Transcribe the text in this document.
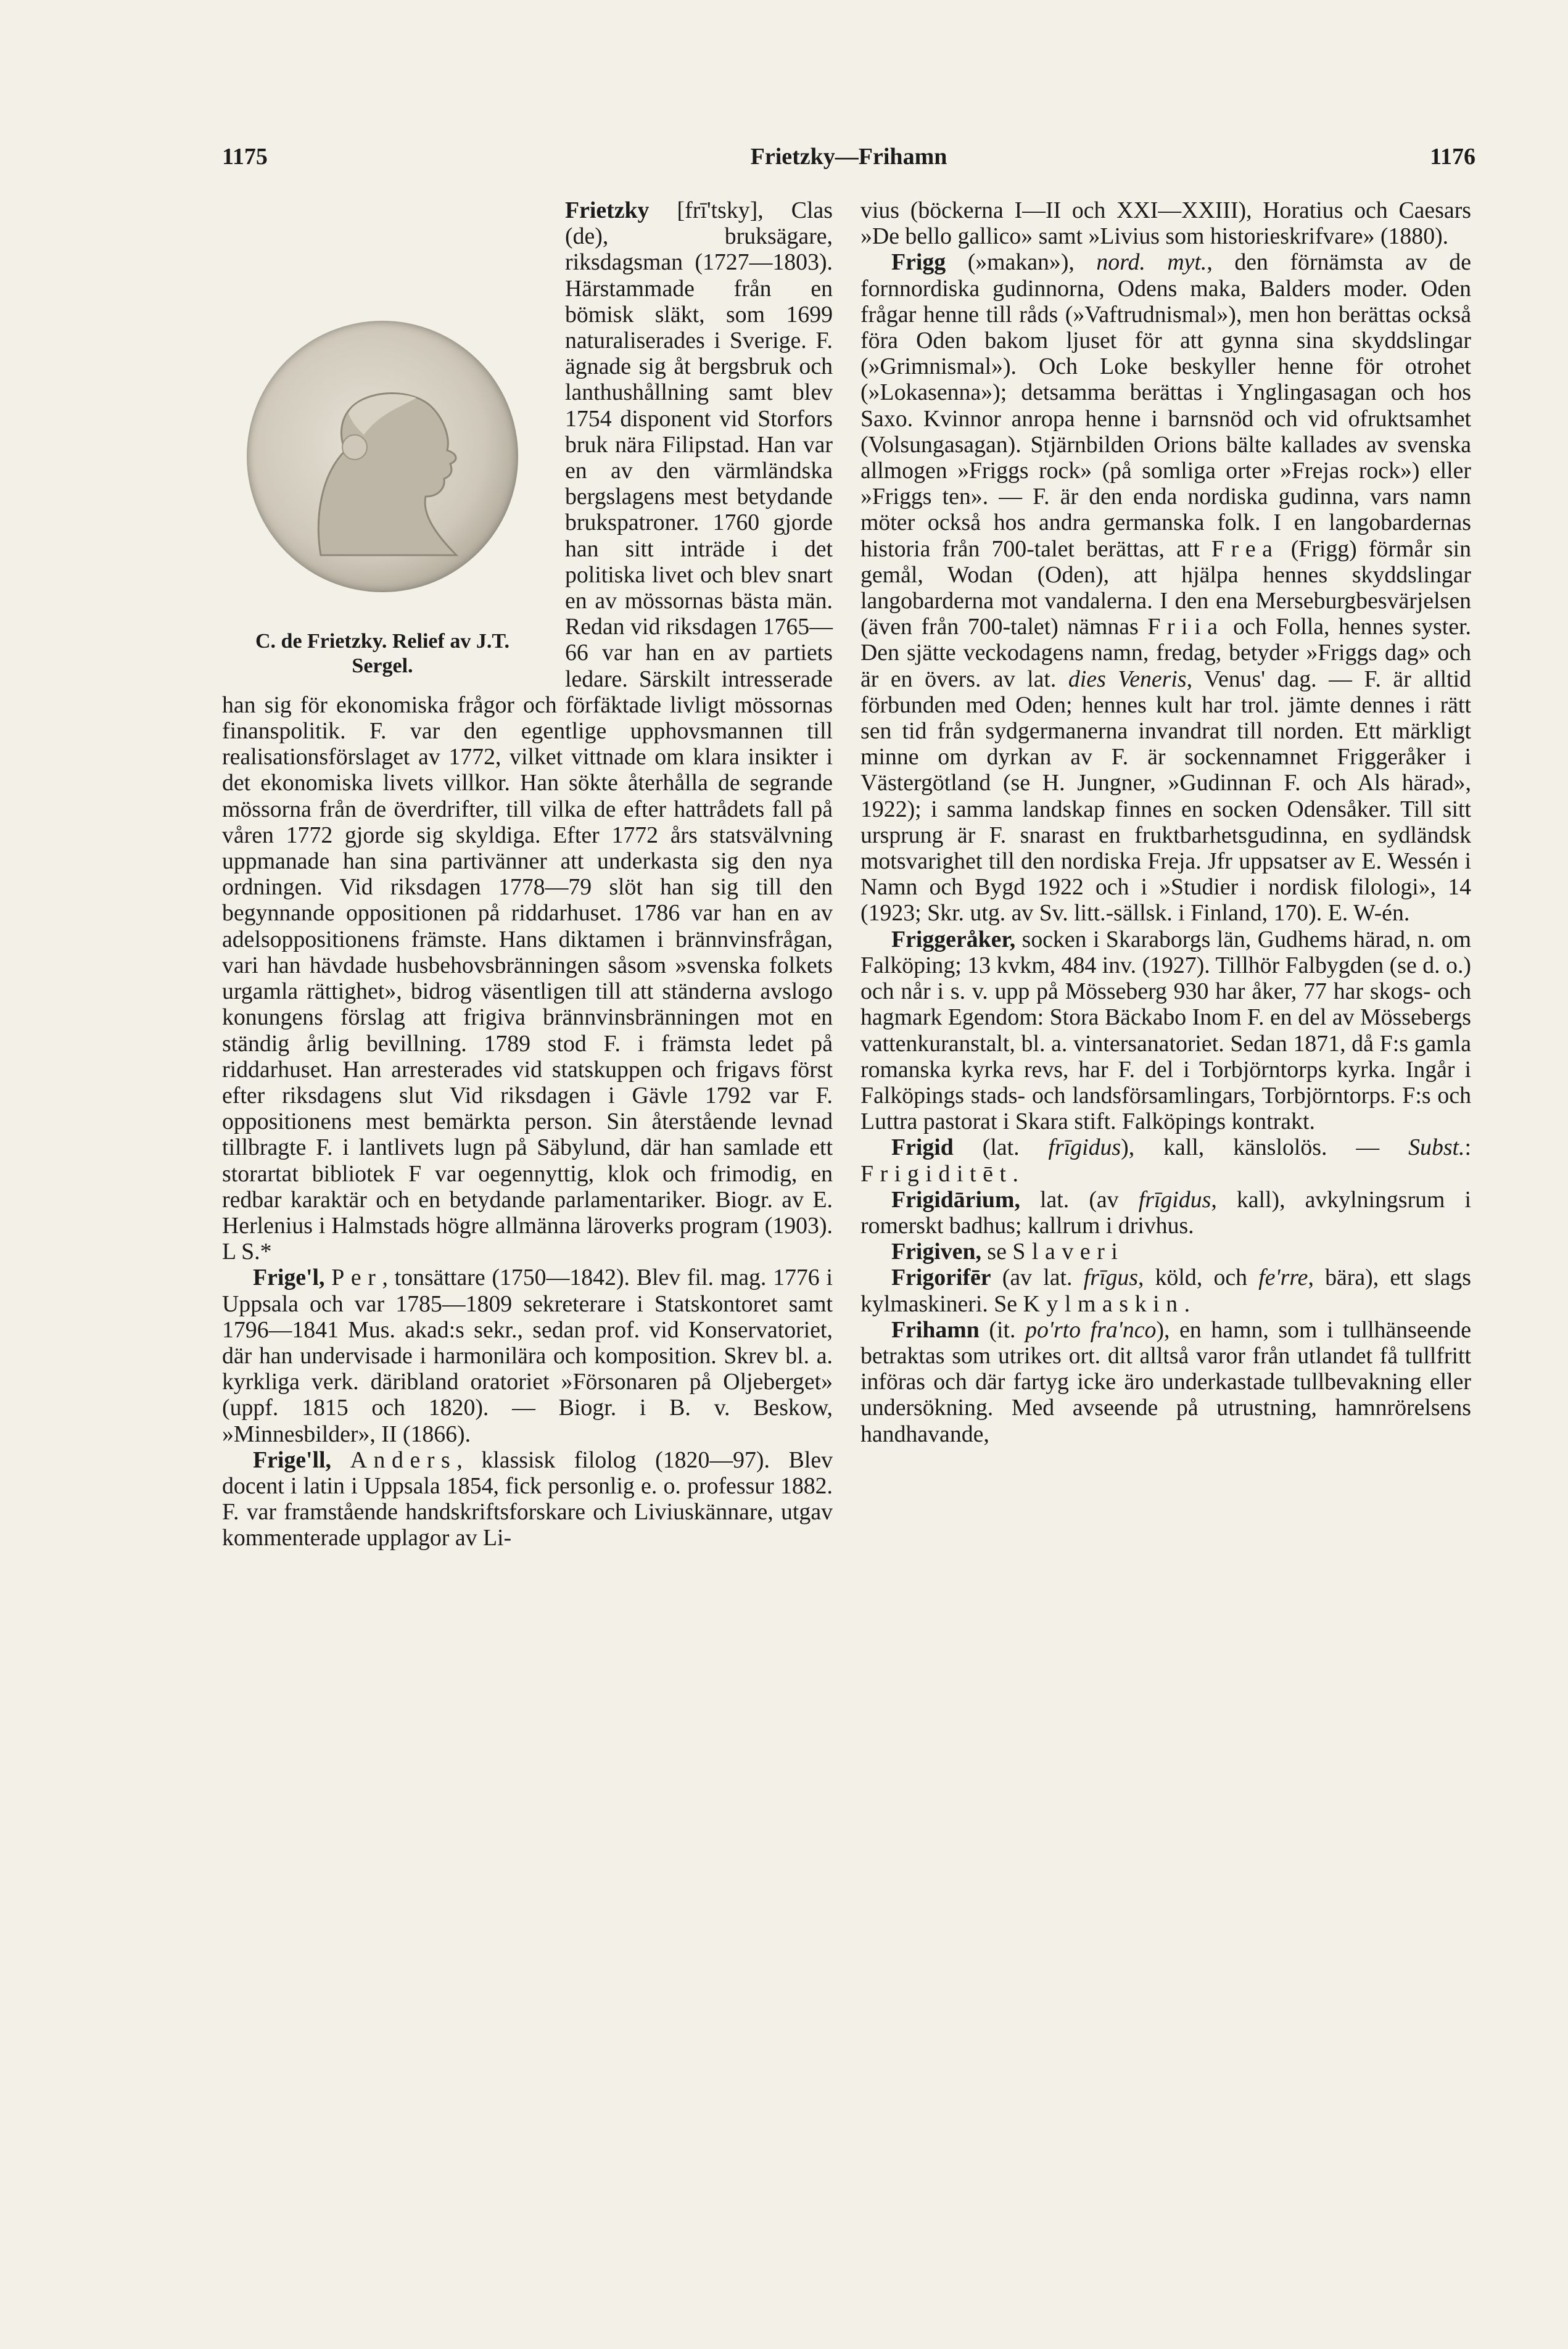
1175	Frietzky—Frihamn	1176
C. de Frietzky. Relief av J.T.
Sergel.

Frietzky [frī'tsky], Clas (de), bruksägare, riksdagsman (1727—1803). Härstammade från en bömisk släkt, som 1699 naturaliserades i Sverige. F. ägnade sig åt bergsbruk och lanthushållning samt blev 1754 disponent vid Storfors bruk nära Filipstad. Han var en av den värmländska bergslagens mest betydande brukspatroner. 1760 gjorde han sitt inträde i det politiska livet och blev snart en av mössornas bästa män. Redan vid riksdagen 1765—66 var han en av partiets ledare. Särskilt intresserade han sig för ekonomiska frågor och förfäktade livligt mössornas finanspolitik. F. var den egentlige upphovsmannen till realisationsförslaget av 1772, vilket vittnade om klara insikter i det ekonomiska livets villkor. Han sökte återhålla de segrande mössorna från de överdrifter, till vilka de efter hattrådets fall på våren 1772 gjorde sig skyldiga. Efter 1772 års statsvälvning uppmanade han sina partivänner att underkasta sig den nya ordningen. Vid riksdagen 1778—79 slöt han sig till den begynnande oppositionen på riddarhuset. 1786 var han en av adelsoppositionens främste. Hans diktamen i brännvinsfrågan, vari han hävdade husbehovsbränningen såsom »svenska folkets urgamla rättighet», bidrog väsentligen till att ständerna avslogo konungens förslag att frigiva brännvinsbränningen mot en ständig årlig bevillning. 1789 stod F. i främsta ledet på riddarhuset. Han arresterades vid statskuppen och frigavs först efter riksdagens slut Vid riksdagen i Gävle 1792 var F. oppositionens mest bemärkta person. Sin återstående levnad tillbragte F. i lantlivets lugn på Säbylund, där han samlade ett storartat bibliotek F var oegennyttig, klok och frimodig, en redbar karaktär och en betydande parlamentariker. Biogr. av E. Herlenius i Halmstads högre allmänna läroverks program (1903). L S.*

Frige'l, Per, tonsättare (1750—1842). Blev fil. mag. 1776 i Uppsala och var 1785—1809 sekreterare i Statskontoret samt 1796—1841 Mus. akad:s sekr., sedan prof. vid Konservatoriet, där han undervisade i harmonilära och komposition. Skrev bl. a. kyrkliga verk. däribland oratoriet »Försonaren på Oljeberget» (uppf. 1815 och 1820). — Biogr. i B. v. Beskow, »Minnesbilder», II (1866).

Frige'll, Anders, klassisk filolog (1820—97). Blev docent i latin i Uppsala 1854, fick personlig e. o. professur 1882. F. var framstående handskriftsforskare och Liviuskännare, utgav kommenterade upplagor av Li-

vius (böckerna I—II och XXI—XXIII), Horatius och Caesars »De bello gallico» samt »Livius som historieskrifvare» (1880).

Frigg (»makan»), nord. myt., den förnämsta av de fornnordiska gudinnorna, Odens maka, Balders moder. Oden frågar henne till råds (»Vaftrudnismal»), men hon berättas också föra Oden bakom ljuset för att gynna sina skyddslingar (»Grimnismal»). Och Loke beskyller henne för otrohet (»Lokasenna»); detsamma berättas i Ynglingasagan och hos Saxo. Kvinnor anropa henne i barnsnöd och vid ofruktsamhet (Volsungasagan). Stjärnbilden Orions bälte kallades av svenska allmogen »Friggs rock» (på somliga orter »Frejas rock») eller »Friggs ten». — F. är den enda nordiska gudinna, vars namn möter också hos andra germanska folk. I en langobardernas historia från 700-talet berättas, att Frea (Frigg) förmår sin gemål, Wodan (Oden), att hjälpa hennes skyddslingar langobarderna mot vandalerna. I den ena Merseburgbesvärjelsen (även från 700-talet) nämnas Friia och Folla, hennes syster. Den sjätte veckodagens namn, fredag, betyder »Friggs dag» och är en övers. av lat. dies Veneris, Venus' dag. — F. är alltid förbunden med Oden; hennes kult har trol. jämte dennes i rätt sen tid från sydgermanerna invandrat till norden. Ett märkligt minne om dyrkan av F. är sockennamnet Friggeråker i Västergötland (se H. Jungner, »Gudinnan F. och Als härad», 1922); i samma landskap finnes en socken Odensåker. Till sitt ursprung är F. snarast en fruktbarhetsgudinna, en sydländsk motsvarighet till den nordiska Freja. Jfr uppsatser av E. Wessén i Namn och Bygd 1922 och i »Studier i nordisk filologi», 14 (1923; Skr. utg. av Sv. litt.-sällsk. i Finland, 170). E. W-én.

Friggeråker, socken i Skaraborgs län, Gudhems härad, n. om Falköping; 13 kvkm, 484 inv. (1927). Tillhör Falbygden (se d. o.) och når i s. v. upp på Mösseberg 930 har åker, 77 har skogs- och hagmark Egendom: Stora Bäckabo Inom F. en del av Mössebergs vattenkuranstalt, bl. a. vintersanatoriet. Sedan 1871, då F:s gamla romanska kyrka revs, har F. del i Torbjörntorps kyrka. Ingår i Falköpings stads- och landsförsamlingars, Torbjörntorps. F:s och Luttra pastorat i Skara stift. Falköpings kontrakt.

Frigid (lat. frīgidus), kall, känslolös. — Subst.: Frigiditēt.

Frigidārium, lat. (av frīgidus, kall), avkylningsrum i romerskt badhus; kallrum i drivhus.

Frigiven, se Slaveri

Frigorifēr (av lat. frīgus, köld, och fe'rre, bära), ett slags kylmaskineri. Se Kylmaskin.

Frihamn (it. po'rto fra'nco), en hamn, som i tullhänseende betraktas som utrikes ort. dit alltså varor från utlandet få tullfritt införas och där fartyg icke äro underkastade tullbevakning eller undersökning. Med avseende på utrustning, hamnrörelsens handhavande,
